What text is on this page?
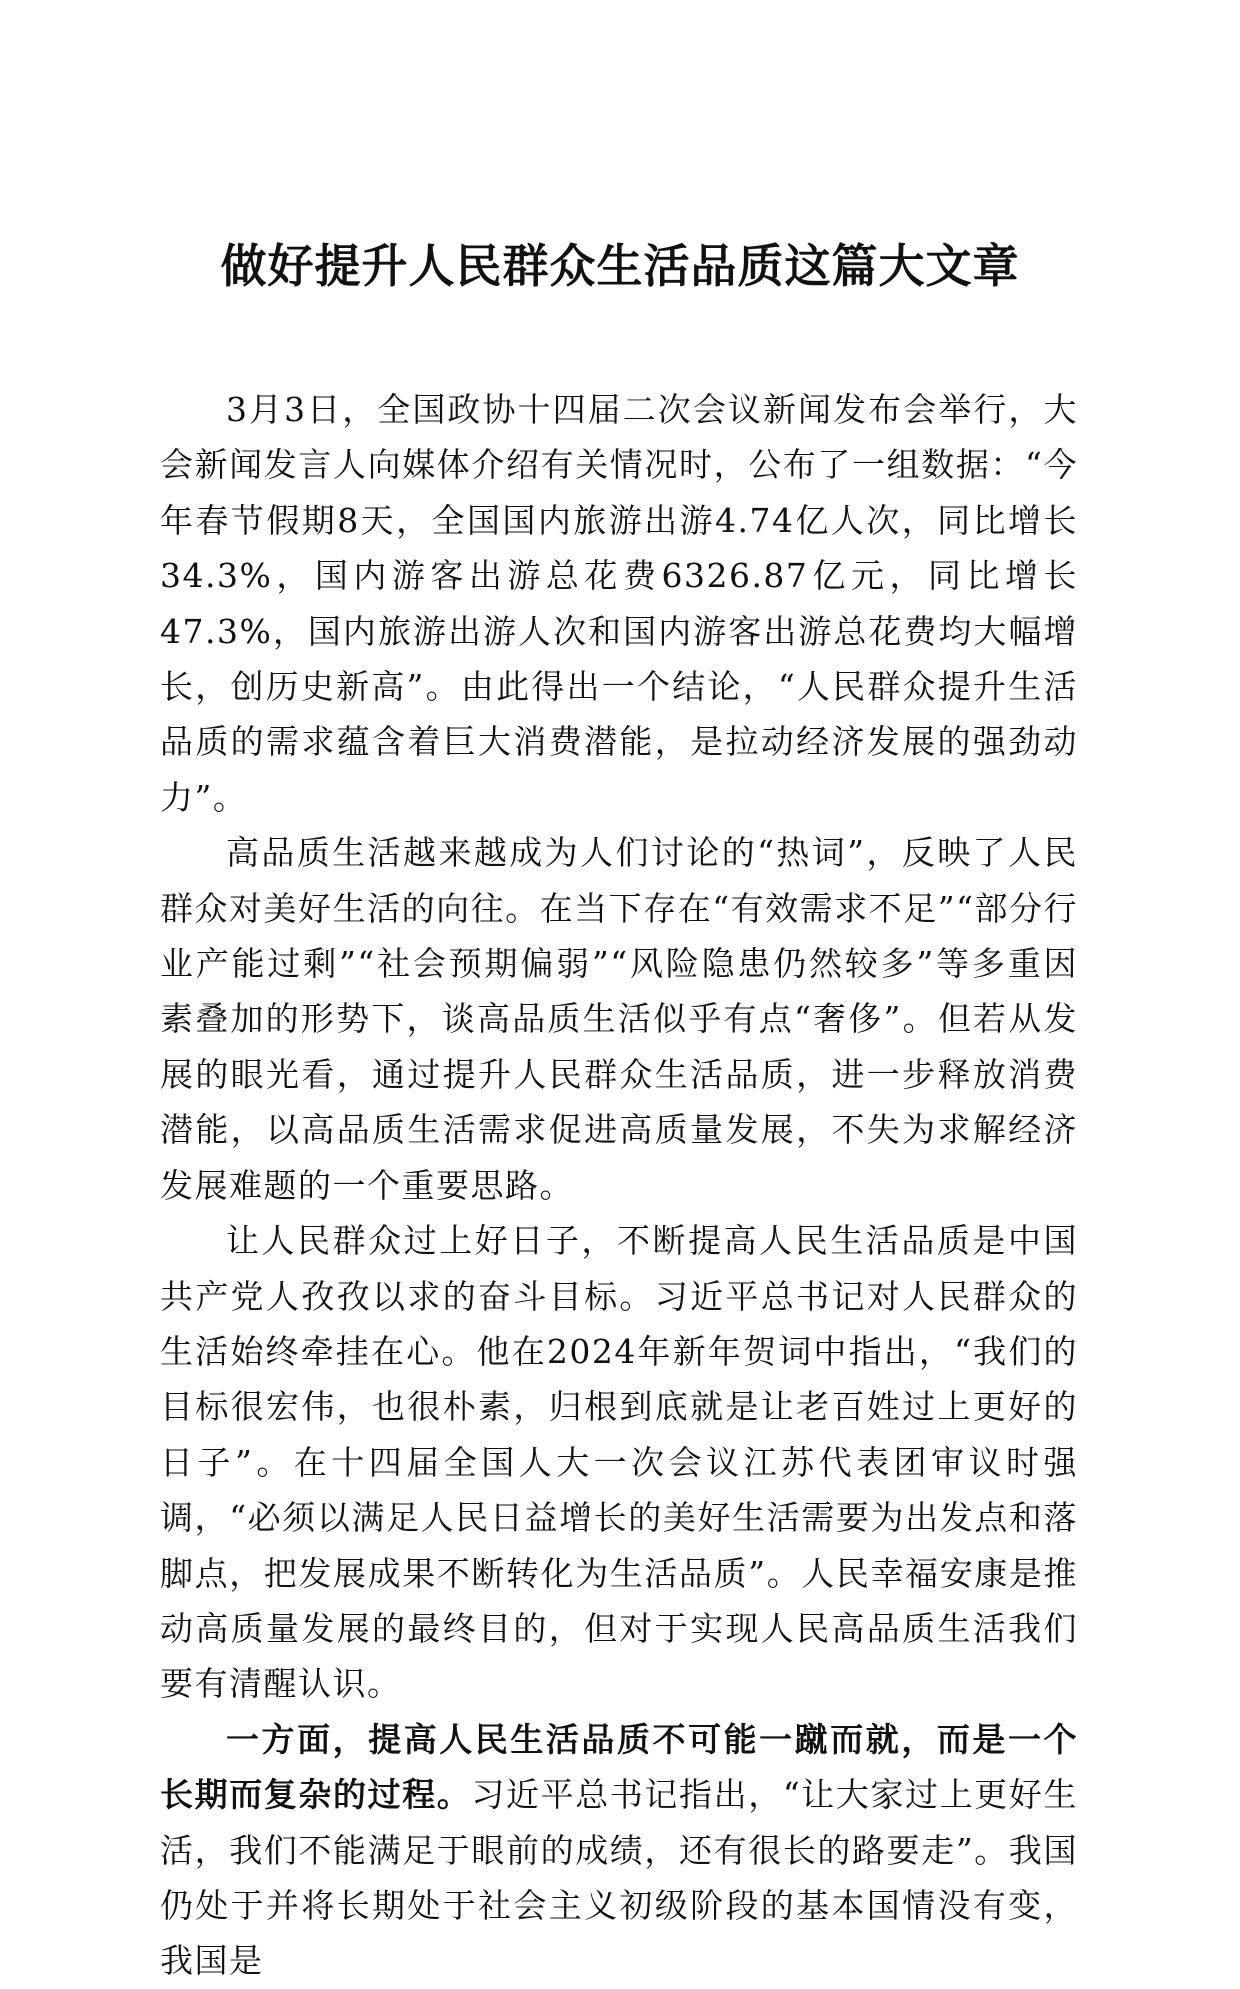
做好提升人民群众生活品质这篇大文章

3月3日，全国政协十四届二次会议新闻发布会举行，大会新闻发言人向媒体介绍有关情况时，公布了一组数据：“今年春节假期8天，全国国内旅游出游4.74亿人次，同比增长34.3%，国内游客出游总花费6326.87亿元，同比增长47.3%，国内旅游出游人次和国内游客出游总花费均大幅增长，创历史新高”。由此得出一个结论，“人民群众提升生活品质的需求蕴含着巨大消费潜能，是拉动经济发展的强劲动力”。

高品质生活越来越成为人们讨论的“热词”，反映了人民群众对美好生活的向往。在当下存在“有效需求不足”“部分行业产能过剩”“社会预期偏弱”“风险隐患仍然较多”等多重因素叠加的形势下，谈高品质生活似乎有点“奢侈”。但若从发展的眼光看，通过提升人民群众生活品质，进一步释放消费潜能，以高品质生活需求促进高质量发展，不失为求解经济发展难题的一个重要思路。

让人民群众过上好日子，不断提高人民生活品质是中国共产党人孜孜以求的奋斗目标。习近平总书记对人民群众的生活始终牵挂在心。他在2024年新年贺词中指出，“我们的目标很宏伟，也很朴素，归根到底就是让老百姓过上更好的日子”。在十四届全国人大一次会议江苏代表团审议时强调，“必须以满足人民日益增长的美好生活需要为出发点和落脚点，把发展成果不断转化为生活品质”。人民幸福安康是推动高质量发展的最终目的，但对于实现人民高品质生活我们要有清醒认识。

一方面，提高人民生活品质不可能一蹴而就，而是一个长期而复杂的过程。习近平总书记指出，“让大家过上更好生活，我们不能满足于眼前的成绩，还有很长的路要走”。我国仍处于并将长期处于社会主义初级阶段的基本国情没有变，我国是
